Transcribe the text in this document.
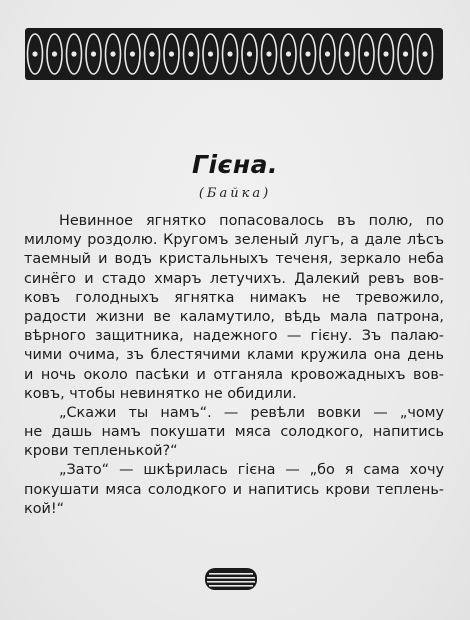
Гієна.
(Байка)
Невинное ягнятко попасовалось въ полю, по
милому роздолю. Кругомъ зеленый лугъ, а дале лѣсъ
таемный и водъ кристальныхъ теченя, зеркало неба
синёго и стадо хмаръ летучихъ. Далекий ревъ вов-
ковъ голодныхъ ягнятка нимакъ не тревожило,
радости жизни ве каламутило, вѣдь мала патрона,
вѣрного защитника, надежного — гієну. Зъ палаю-
чими очима, зъ блестячими клами кружила она день
и ночь около пасѣки и отганяла кровожадныхъ вов-
ковъ, чтобы невинятко не обидили.
„Скажи ты намъ“. — ревѣли вовки — „чому
не дашь намъ покушати мяса солодкого, напитись
крови тепленькой?“
„Зато“ — шкѣрилась гієна — „бо я сама хочу
покушати мяса солодкого и напитись крови теплень-
кой!“
